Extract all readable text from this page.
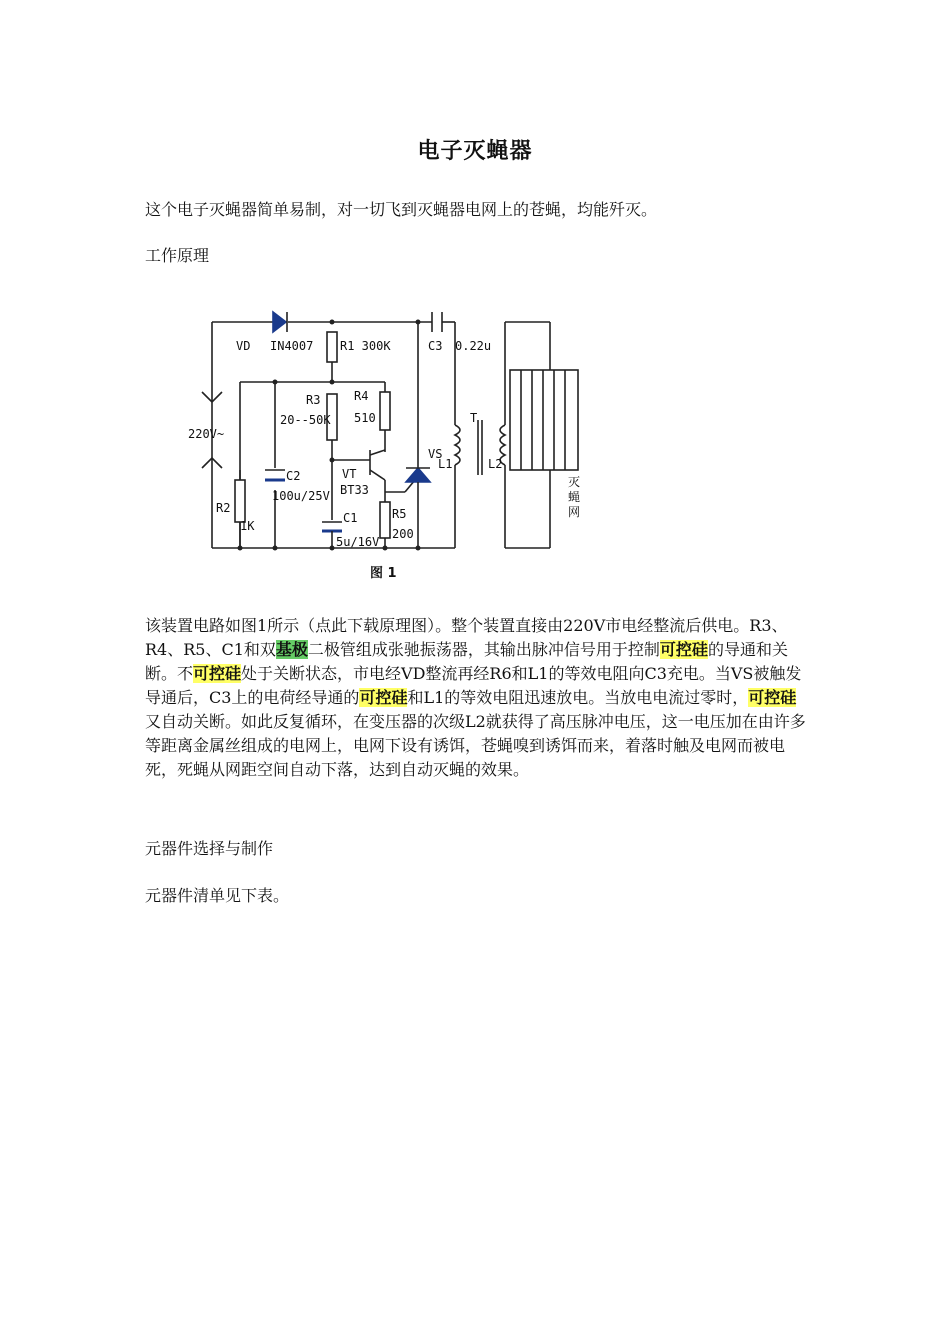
电子灭蝇器
这个电子灭蝇器简单易制，对一切飞到灭蝇器电网上的苍蝇，均能歼灭。
工作原理
VD IN4007 R1 300K	C3 0.22u
R3
20--50K
R4
510
220V~
T
VS
L1	L2
VT
BT33
C2
100u/25V
R2
1K
C1
5u/16V
R5
200
灭
蝇
网
图 1
该装置电路如图1所示（点此下载原理图）。整个装置直接由220V市电经整流后供电。R3、R4、R5、C1和双基极二极管组成张驰振荡器，其输出脉冲信号用于控制可控硅的导通和关断。不可控硅处于关断状态，市电经VD整流再经R6和L1的等效电阻向C3充电。当VS被触发导通后，C3上的电荷经导通的可控硅和L1的等效电阻迅速放电。当放电电流过零时，可控硅又自动关断。如此反复循环，在变压器的次级L2就获得了高压脉冲电压，这一电压加在由许多等距离金属丝组成的电网上，电网下设有诱饵，苍蝇嗅到诱饵而来，着落时触及电网而被电死，死蝇从网距空间自动下落，达到自动灭蝇的效果。
元器件选择与制作
元器件清单见下表。
